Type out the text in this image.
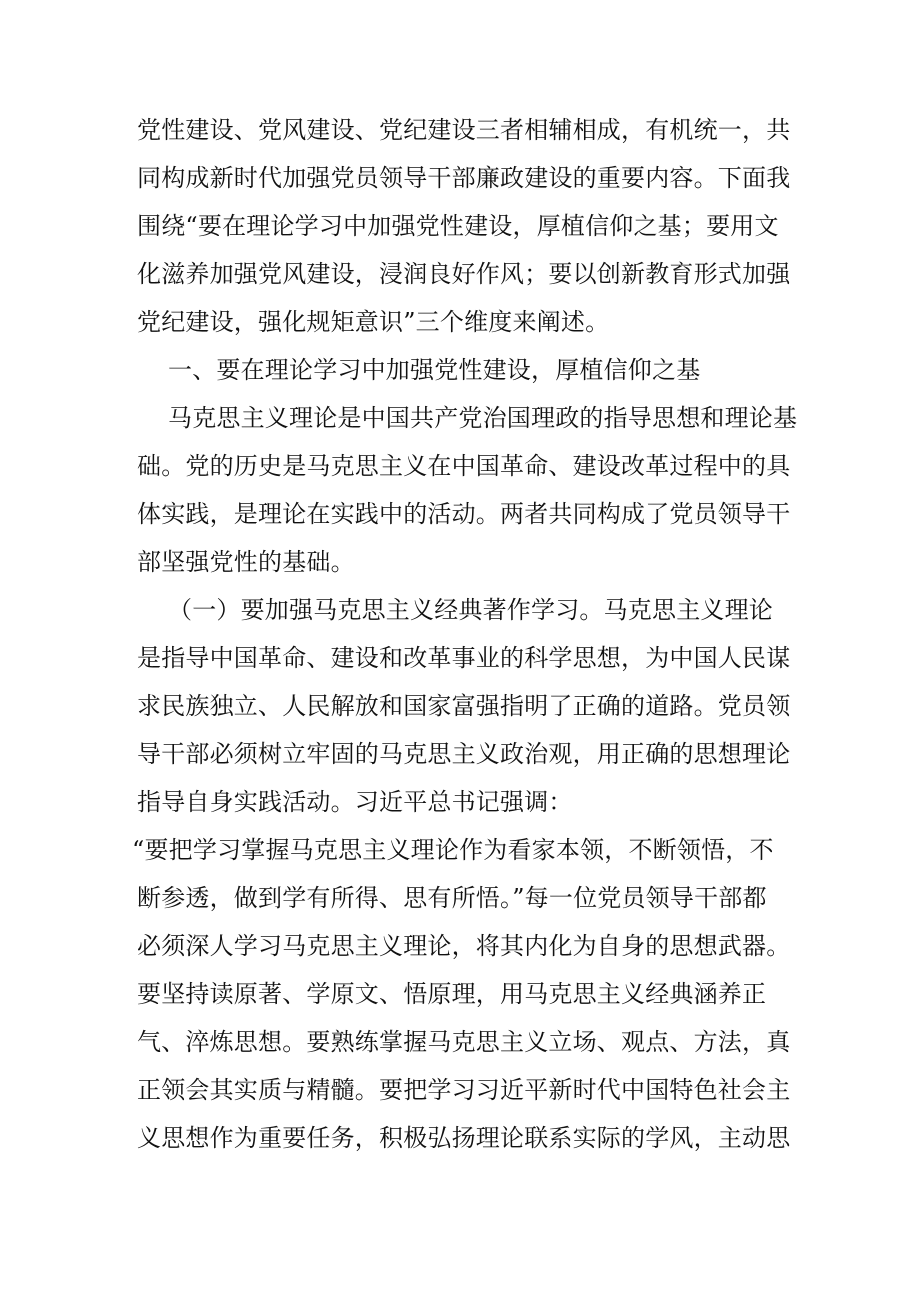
党性建设、党风建设、党纪建设三者相辅相成，有机统一，共
同构成新时代加强党员领导干部廉政建设的重要内容。下面我
围绕“要在理论学习中加强党性建设，厚植信仰之基；要用文
化滋养加强党风建设，浸润良好作风；要以创新教育形式加强
党纪建设，强化规矩意识”三个维度来阐述。
一、要在理论学习中加强党性建设，厚植信仰之基
马克思主义理论是中国共产党治国理政的指导思想和理论基
础。党的历史是马克思主义在中国革命、建设改革过程中的具
体实践，是理论在实践中的活动。两者共同构成了党员领导干
部坚强党性的基础。
（一）要加强马克思主义经典著作学习。马克思主义理论
是指导中国革命、建设和改革事业的科学思想，为中国人民谋
求民族独立、人民解放和国家富强指明了正确的道路。党员领
导干部必须树立牢固的马克思主义政治观，用正确的思想理论
指导自身实践活动。习近平总书记强调：
“要把学习掌握马克思主义理论作为看家本领，不断领悟，不
断参透，做到学有所得、思有所悟。”每一位党员领导干部都
必须深人学习马克思主义理论，将其内化为自身的思想武器。
要坚持读原著、学原文、悟原理，用马克思主义经典涵养正
气、淬炼思想。要熟练掌握马克思主义立场、观点、方法，真
正领会其实质与精髓。要把学习习近平新时代中国特色社会主
义思想作为重要任务，积极弘扬理论联系实际的学风，主动思
